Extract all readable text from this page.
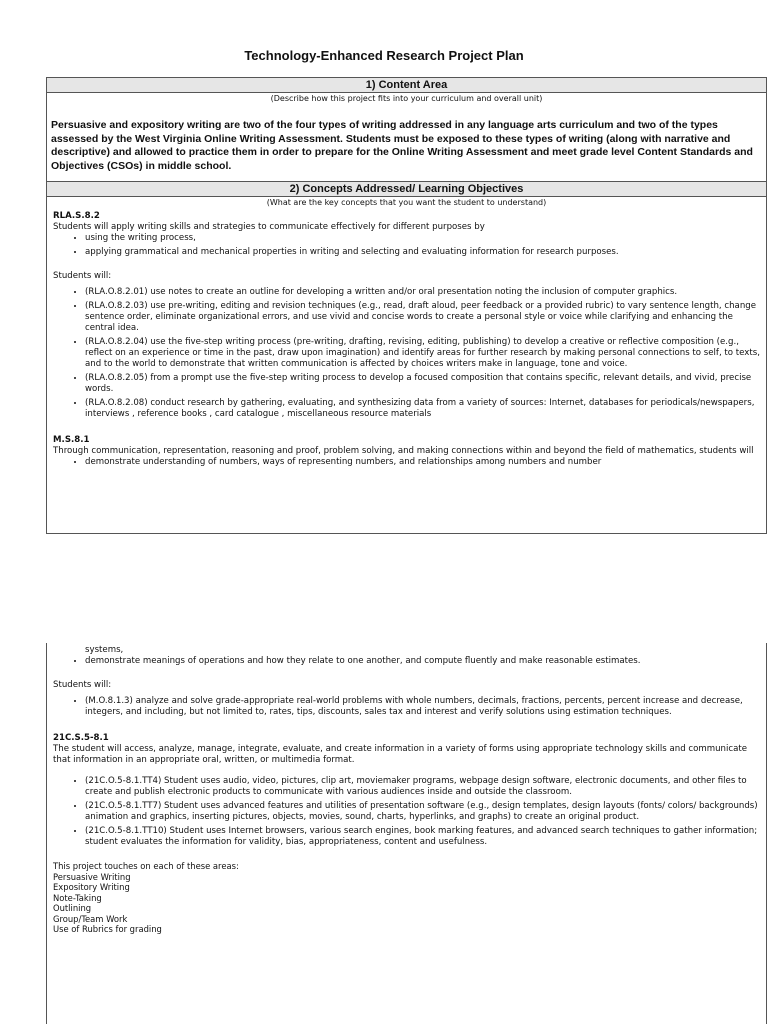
Technology-Enhanced Research Project Plan
1) Content Area
(Describe how this project fits into your curriculum and overall unit)
Persuasive and expository writing are two of the four types of writing addressed in any language arts curriculum and two of the types assessed by the West Virginia Online Writing Assessment. Students must be exposed to these types of writing (along with narrative and descriptive) and allowed to practice them in order to prepare for the Online Writing Assessment and meet grade level Content Standards and Objectives (CSOs) in middle school.
2) Concepts Addressed/ Learning Objectives
(What are the key concepts that you want the student to understand)
RLA.S.8.2
Students will apply writing skills and strategies to communicate effectively for different purposes by
• using the writing process,
• applying grammatical and mechanical properties in writing and selecting and evaluating information for research purposes.
Students will:
• (RLA.O.8.2.01) use notes to create an outline for developing a written and/or oral presentation noting the inclusion of computer graphics.
• (RLA.O.8.2.03) use pre-writing, editing and revision techniques (e.g., read, draft aloud, peer feedback or a provided rubric) to vary sentence length, change sentence order, eliminate organizational errors, and use vivid and concise words to create a personal style or voice while clarifying and enhancing the central idea.
• (RLA.O.8.2.04) use the five-step writing process (pre-writing, drafting, revising, editing, publishing) to develop a creative or reflective composition (e.g., reflect on an experience or time in the past, draw upon imagination) and identify areas for further research by making personal connections to self, to texts, and to the world to demonstrate that written communication is affected by choices writers make in language, tone and voice.
• (RLA.O.8.2.05) from a prompt use the five-step writing process to develop a focused composition that contains specific, relevant details, and vivid, precise words.
• (RLA.O.8.2.08) conduct research by gathering, evaluating, and synthesizing data from a variety of sources: Internet, databases for periodicals/newspapers, interviews , reference books , card catalogue , miscellaneous resource materials
M.S.8.1
Through communication, representation, reasoning and proof, problem solving, and making connections within and beyond the field of mathematics, students will
• demonstrate understanding of numbers, ways of representing numbers, and relationships among numbers and number
systems,
• demonstrate meanings of operations and how they relate to one another, and compute fluently and make reasonable estimates.
Students will:
• (M.O.8.1.3) analyze and solve grade-appropriate real-world problems with whole numbers, decimals, fractions, percents, percent increase and decrease, integers, and including, but not limited to, rates, tips, discounts, sales tax and interest and verify solutions using estimation techniques.
21C.S.5-8.1
The student will access, analyze, manage, integrate, evaluate, and create information in a variety of forms using appropriate technology skills and communicate that information in an appropriate oral, written, or multimedia format.
• (21C.O.5-8.1.TT4) Student uses audio, video, pictures, clip art, moviemaker programs, webpage design software, electronic documents, and other files to create and publish electronic products to communicate with various audiences inside and outside the classroom.
• (21C.O.5-8.1.TT7) Student uses advanced features and utilities of presentation software (e.g., design templates, design layouts (fonts/ colors/ backgrounds) animation and graphics, inserting pictures, objects, movies, sound, charts, hyperlinks, and graphs) to create an original product.
• (21C.O.5-8.1.TT10) Student uses Internet browsers, various search engines, book marking features, and advanced search techniques to gather information; student evaluates the information for validity, bias, appropriateness, content and usefulness.
This project touches on each of these areas:
Persuasive Writing
Expository Writing
Note-Taking
Outlining
Group/Team Work
Use of Rubrics for grading
